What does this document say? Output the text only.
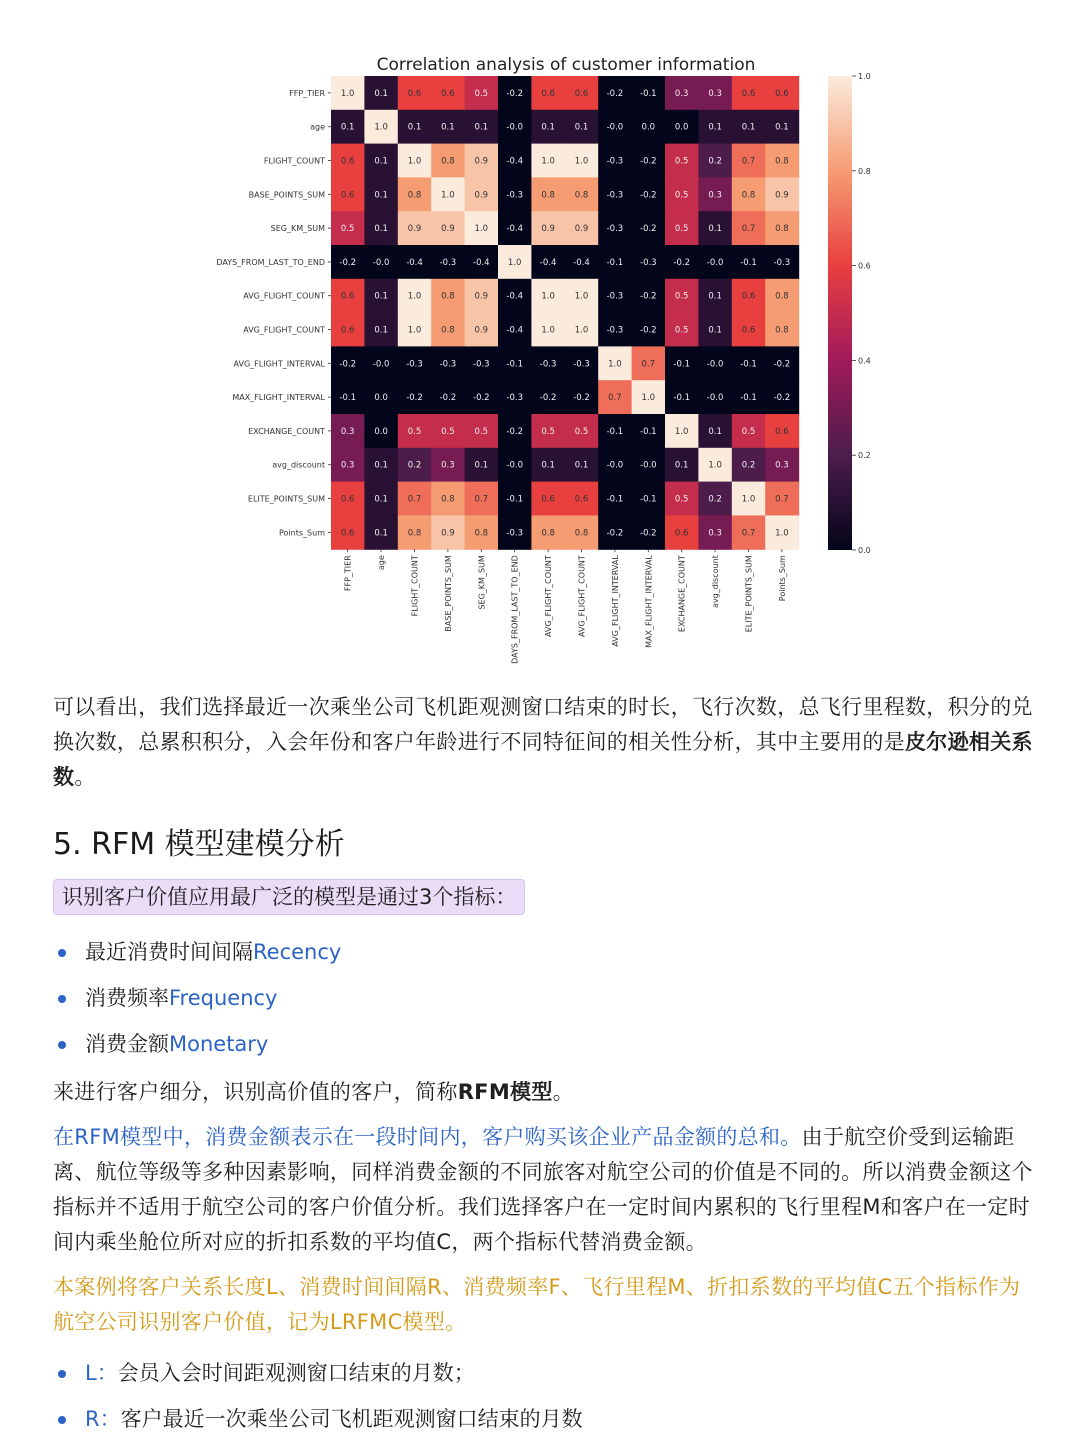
Correlation analysis of customer information
1.0 0.1 0.6 0.6 0.5 -0.2 0.6 0.6 -0.2 -0.1 0.3 0.3 0.6 0.6
0.1 1.0 0.1 0.1 0.1 -0.0 0.1 0.1 -0.0 0.0 0.0 0.1 0.1 0.1
0.6 0.1 1.0 0.8 0.9 -0.4 1.0 1.0 -0.3 -0.2 0.5 0.2 0.7 0.8
0.6 0.1 0.8 1.0 0.9 -0.3 0.8 0.8 -0.3 -0.2 0.5 0.3 0.8 0.9
0.5 0.1 0.9 0.9 1.0 -0.4 0.9 0.9 -0.3 -0.2 0.5 0.1 0.7 0.8
-0.2 -0.0 -0.4 -0.3 -0.4 1.0 -0.4 -0.4 -0.1 -0.3 -0.2 -0.0 -0.1 -0.3
0.6 0.1 1.0 0.8 0.9 -0.4 1.0 1.0 -0.3 -0.2 0.5 0.1 0.6 0.8
0.6 0.1 1.0 0.8 0.9 -0.4 1.0 1.0 -0.3 -0.2 0.5 0.1 0.6 0.8
-0.2 -0.0 -0.3 -0.3 -0.3 -0.1 -0.3 -0.3 1.0 0.7 -0.1 -0.0 -0.1 -0.2
-0.1 0.0 -0.2 -0.2 -0.2 -0.3 -0.2 -0.2 0.7 1.0 -0.1 -0.0 -0.1 -0.2
0.3 0.0 0.5 0.5 0.5 -0.2 0.5 0.5 -0.1 -0.1 1.0 0.1 0.5 0.6
0.3 0.1 0.2 0.3 0.1 -0.0 0.1 0.1 -0.0 -0.0 0.1 1.0 0.2 0.3
0.6 0.1 0.7 0.8 0.7 -0.1 0.6 0.6 -0.1 -0.1 0.5 0.2 1.0 0.7
0.6 0.1 0.8 0.9 0.8 -0.3 0.8 0.8 -0.2 -0.2 0.6 0.3 0.7 1.0
FFP_TIER
age
FLIGHT_COUNT
BASE_POINTS_SUM
SEG_KM_SUM
DAYS_FROM_LAST_TO_END
AVG_FLIGHT_COUNT
AVG_FLIGHT_COUNT
AVG_FLIGHT_INTERVAL
MAX_FLIGHT_INTERVAL
EXCHANGE_COUNT
avg_discount
ELITE_POINTS_SUM
Points_Sum
FFP_TIER	age	FLIGHT_COUNT	BASE_POINTS_SUM	SEG_KM_SUM	DAYS_FROM_LAST_TO_END	AVG_FLIGHT_COUNT	AVG_FLIGHT_COUNT	AVG_FLIGHT_INTERVAL	MAX_FLIGHT_INTERVAL	EXCHANGE_COUNT	avg_discount	ELITE_POINTS_SUM	Points_Sum
1.0
0.8
0.6
0.4
0.2
0.0

可以看出，我们选择最近一次乘坐公司飞机距观测窗口结束的时长，飞行次数，总飞行里程数，积分的兑换次数，总累积积分，入会年份和客户年龄进行不同特征间的相关性分析，其中主要用的是皮尔逊相关系数。

5. RFM 模型建模分析
识别客户价值应用最广泛的模型是通过3个指标：
最近消费时间间隔Recency
消费频率Frequency
消费金额Monetary

来进行客户细分，识别高价值的客户，简称RFM模型。

在RFM模型中，消费金额表示在一段时间内，客户购买该企业产品金额的总和。由于航空价受到运输距离、航位等级等多种因素影响，同样消费金额的不同旅客对航空公司的价值是不同的。所以消费金额这个指标并不适用于航空公司的客户价值分析。我们选择客户在一定时间内累积的飞行里程M和客户在一定时间内乘坐舱位所对应的折扣系数的平均值C，两个指标代替消费金额。

本案例将客户关系长度L、消费时间间隔R、消费频率F、飞行里程M、折扣系数的平均值C五个指标作为航空公司识别客户价值，记为LRFMC模型。

L：会员入会时间距观测窗口结束的月数；
R：客户最近一次乘坐公司飞机距观测窗口结束的月数
